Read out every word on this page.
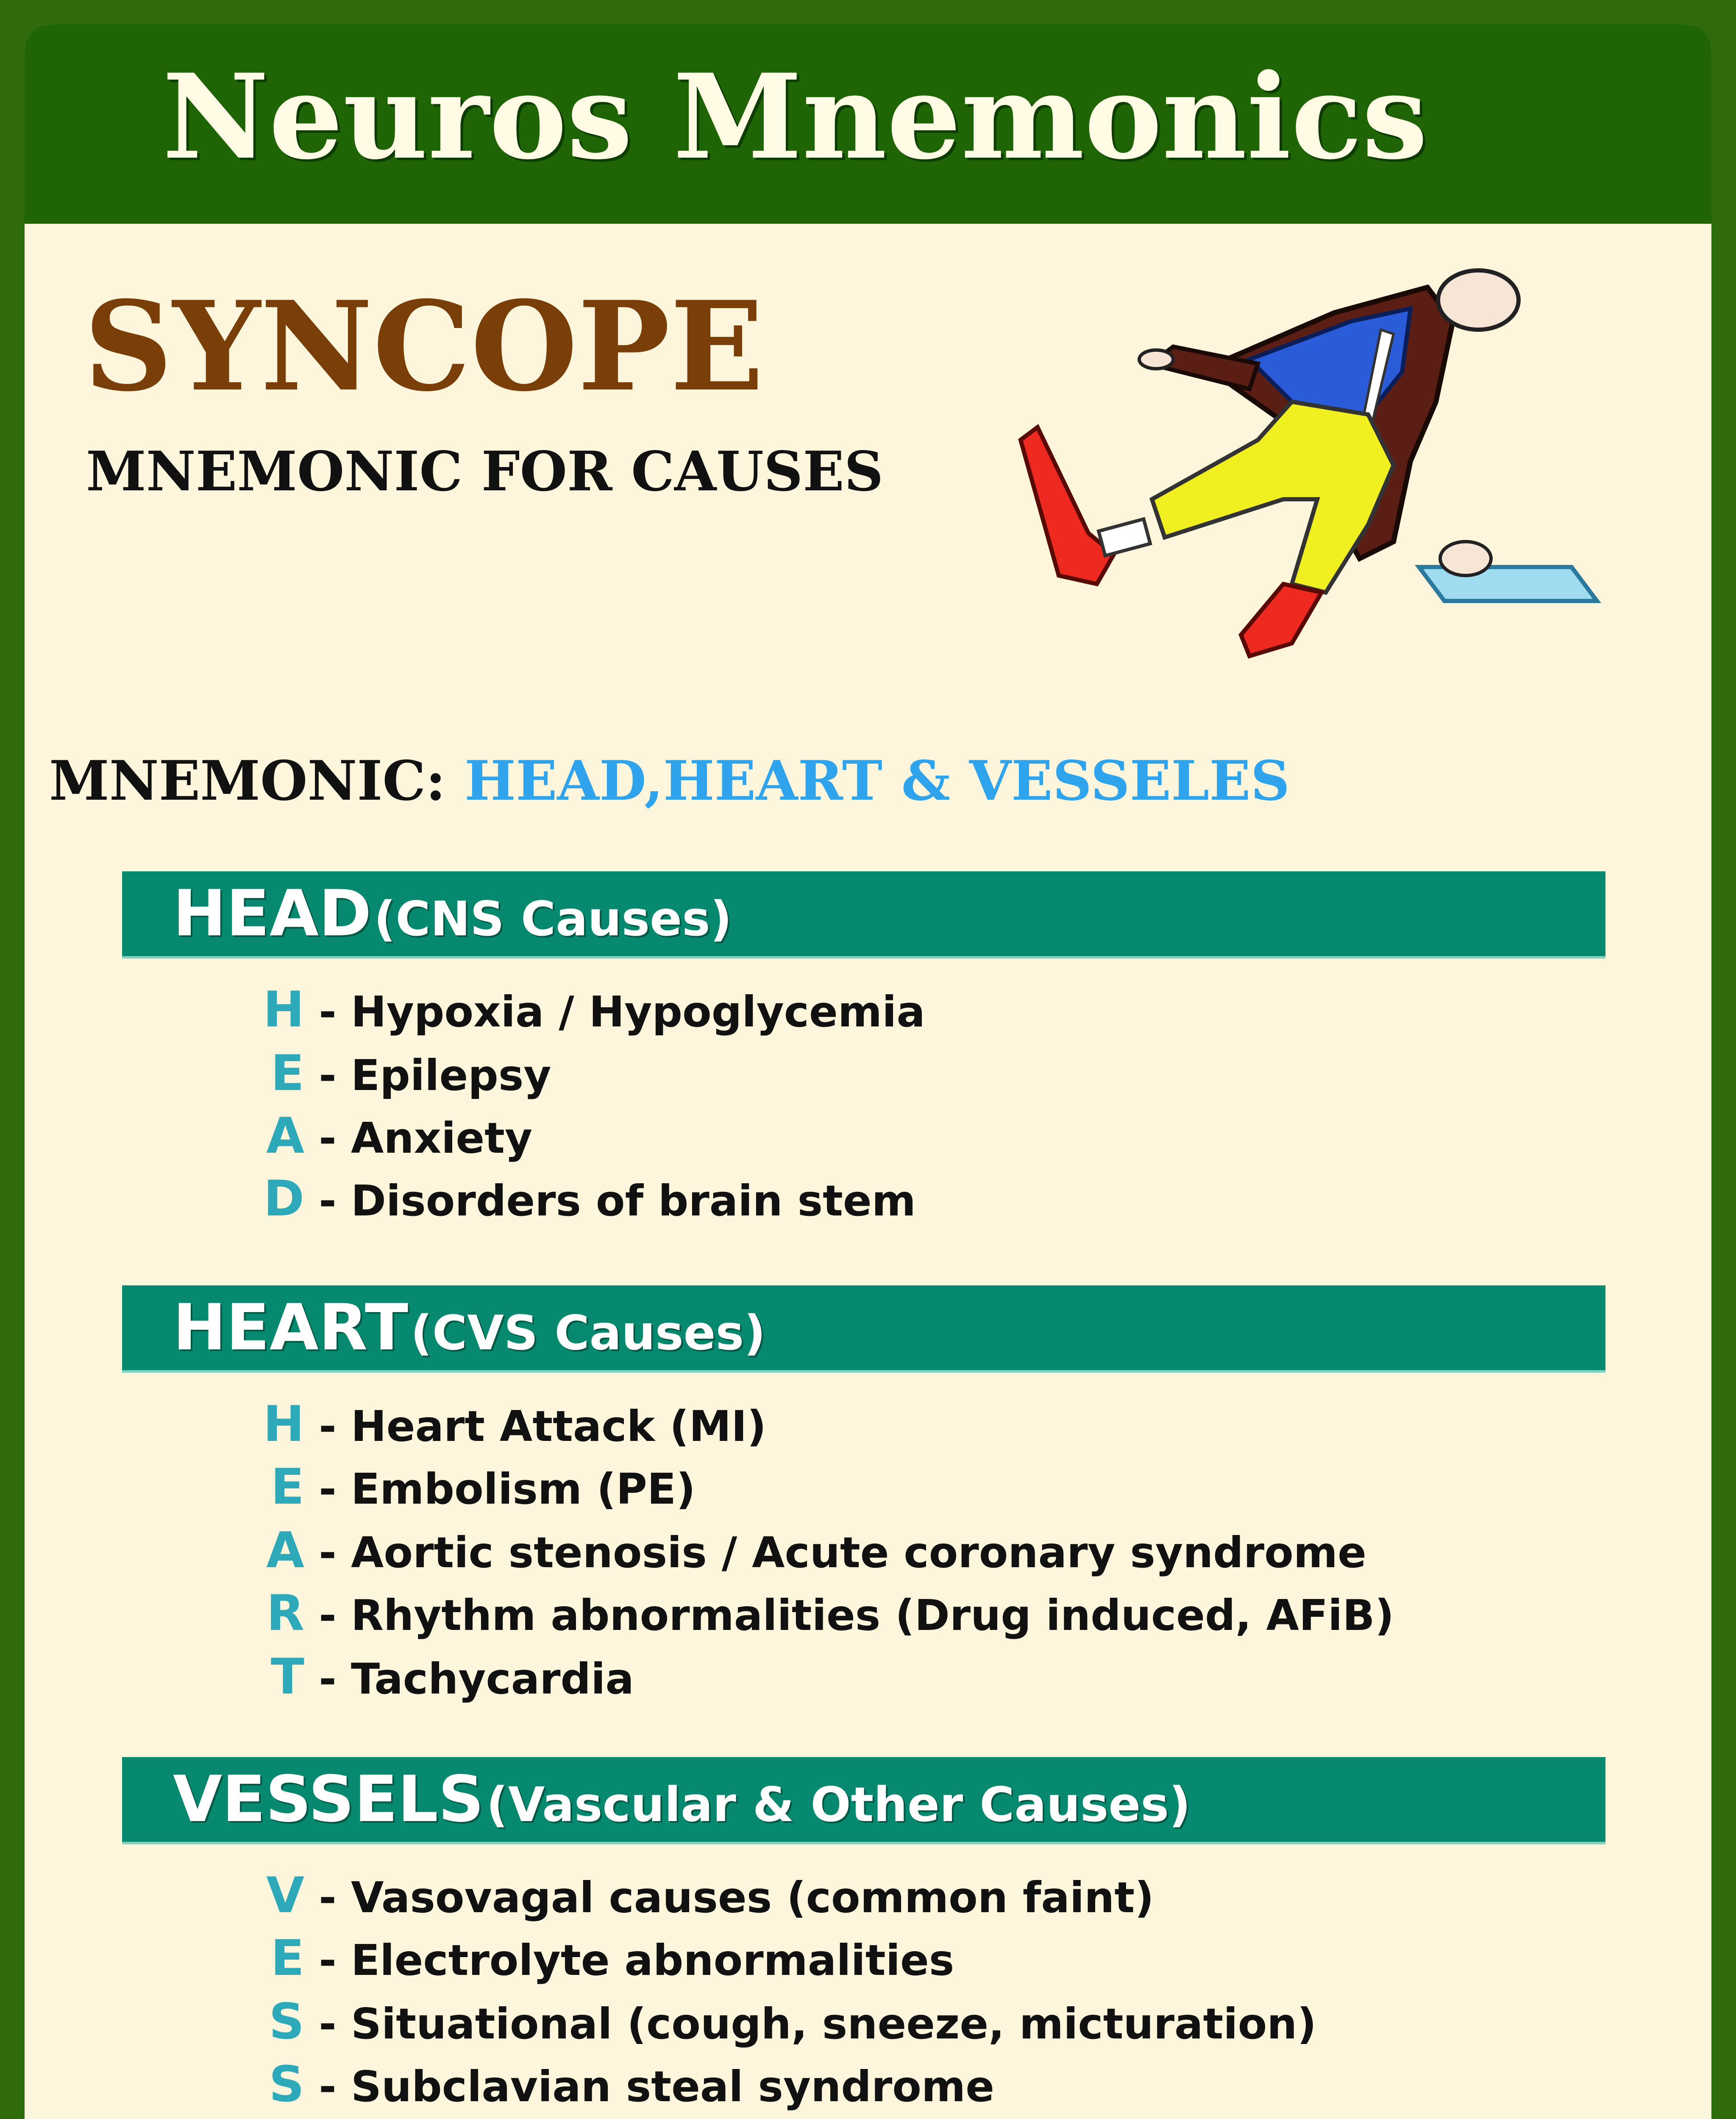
Neuros Mnemonics
SYNCOPE
MNEMONIC FOR CAUSES
MNEMONIC: HEAD,HEART & VESSELES
HEAD (CNS Causes)
H - Hypoxia / Hypoglycemia
E - Epilepsy
A - Anxiety
D - Disorders of brain stem
HEART (CVS Causes)
H - Heart Attack (MI)
E - Embolism (PE)
A - Aortic stenosis / Acute coronary syndrome
R - Rhythm abnormalities (Drug induced, AFiB)
T - Tachycardia
VESSELS (Vascular & Other Causes)
V - Vasovagal causes (common faint)
E - Electrolyte abnormalities
S - Situational (cough, sneeze, micturation)
S - Subclavian steal syndrome
